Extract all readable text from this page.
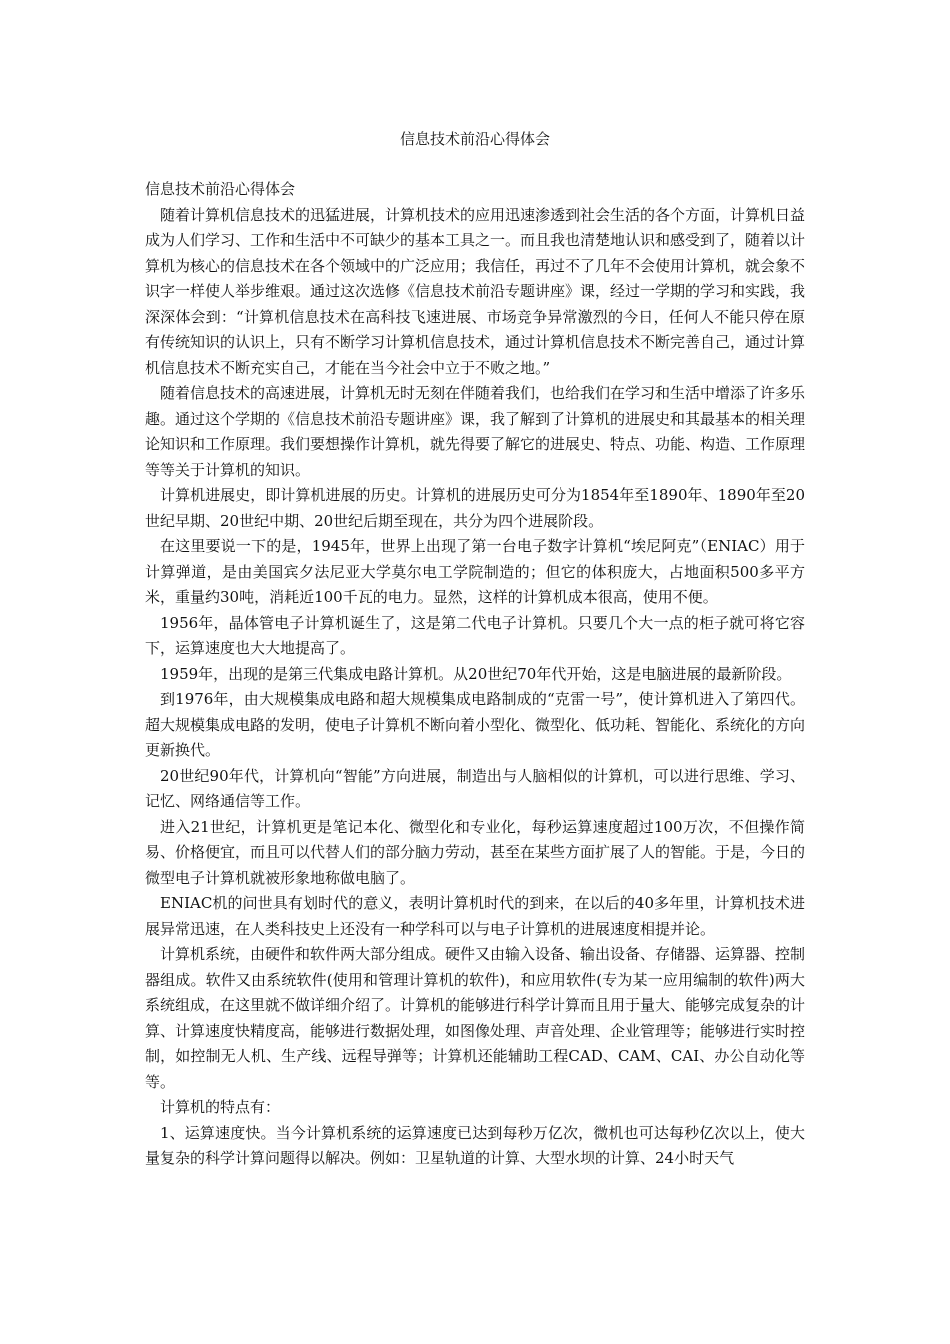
信息技术前沿心得体会

信息技术前沿心得体会

随着计算机信息技术的迅猛进展，计算机技术的应用迅速渗透到社会生活的各个方面，计算机日益成为人们学习、工作和生活中不可缺少的基本工具之一。而且我也清楚地认识和感受到了，随着以计算机为核心的信息技术在各个领域中的广泛应用；我信任，再过不了几年不会使用计算机，就会象不识字一样使人举步维艰。通过这次选修《信息技术前沿专题讲座》课，经过一学期的学习和实践，我深深体会到：“计算机信息技术在高科技飞速进展、市场竞争异常激烈的今日，任何人不能只停在原有传统知识的认识上，只有不断学习计算机信息技术，通过计算机信息技术不断完善自己，通过计算机信息技术不断充实自己，才能在当今社会中立于不败之地。”

随着信息技术的高速进展，计算机无时无刻在伴随着我们，也给我们在学习和生活中增添了许多乐趣。通过这个学期的《信息技术前沿专题讲座》课，我了解到了计算机的进展史和其最基本的相关理论知识和工作原理。我们要想操作计算机，就先得要了解它的进展史、特点、功能、构造、工作原理等等关于计算机的知识。

计算机进展史，即计算机进展的历史。计算机的进展历史可分为1854年至1890年、1890年至20世纪早期、20世纪中期、20世纪后期至现在，共分为四个进展阶段。

在这里要说一下的是，1945年，世界上出现了第一台电子数字计算机“埃尼阿克”（ENIAC）用于计算弹道，是由美国宾夕法尼亚大学莫尔电工学院制造的；但它的体积庞大，占地面积500多平方米，重量约30吨，消耗近100千瓦的电力。显然，这样的计算机成本很高，使用不便。

1956年，晶体管电子计算机诞生了，这是第二代电子计算机。只要几个大一点的柜子就可将它容下，运算速度也大大地提高了。

1959年，出现的是第三代集成电路计算机。从20世纪70年代开始，这是电脑进展的最新阶段。

到1976年，由大规模集成电路和超大规模集成电路制成的“克雷一号”，使计算机进入了第四代。超大规模集成电路的发明，使电子计算机不断向着小型化、微型化、低功耗、智能化、系统化的方向更新换代。

20世纪90年代，计算机向“智能”方向进展，制造出与人脑相似的计算机，可以进行思维、学习、记忆、网络通信等工作。

进入21世纪，计算机更是笔记本化、微型化和专业化，每秒运算速度超过100万次，不但操作简易、价格便宜，而且可以代替人们的部分脑力劳动，甚至在某些方面扩展了人的智能。于是，今日的微型电子计算机就被形象地称做电脑了。

ENIAC机的问世具有划时代的意义，表明计算机时代的到来，在以后的40多年里，计算机技术进展异常迅速，在人类科技史上还没有一种学科可以与电子计算机的进展速度相提并论。

计算机系统，由硬件和软件两大部分组成。硬件又由输入设备、输出设备、存储器、运算器、控制器组成。软件又由系统软件(使用和管理计算机的软件)，和应用软件(专为某一应用编制的软件)两大系统组成，在这里就不做详细介绍了。计算机的能够进行科学计算而且用于量大、能够完成复杂的计算、计算速度快精度高，能够进行数据处理，如图像处理、声音处理、企业管理等；能够进行实时控制，如控制无人机、生产线、远程导弹等；计算机还能辅助工程CAD、CAM、CAI、办公自动化等等。

计算机的特点有：

1、运算速度快。当今计算机系统的运算速度已达到每秒万亿次，微机也可达每秒亿次以上，使大量复杂的科学计算问题得以解决。例如：卫星轨道的计算、大型水坝的计算、24小时天气
